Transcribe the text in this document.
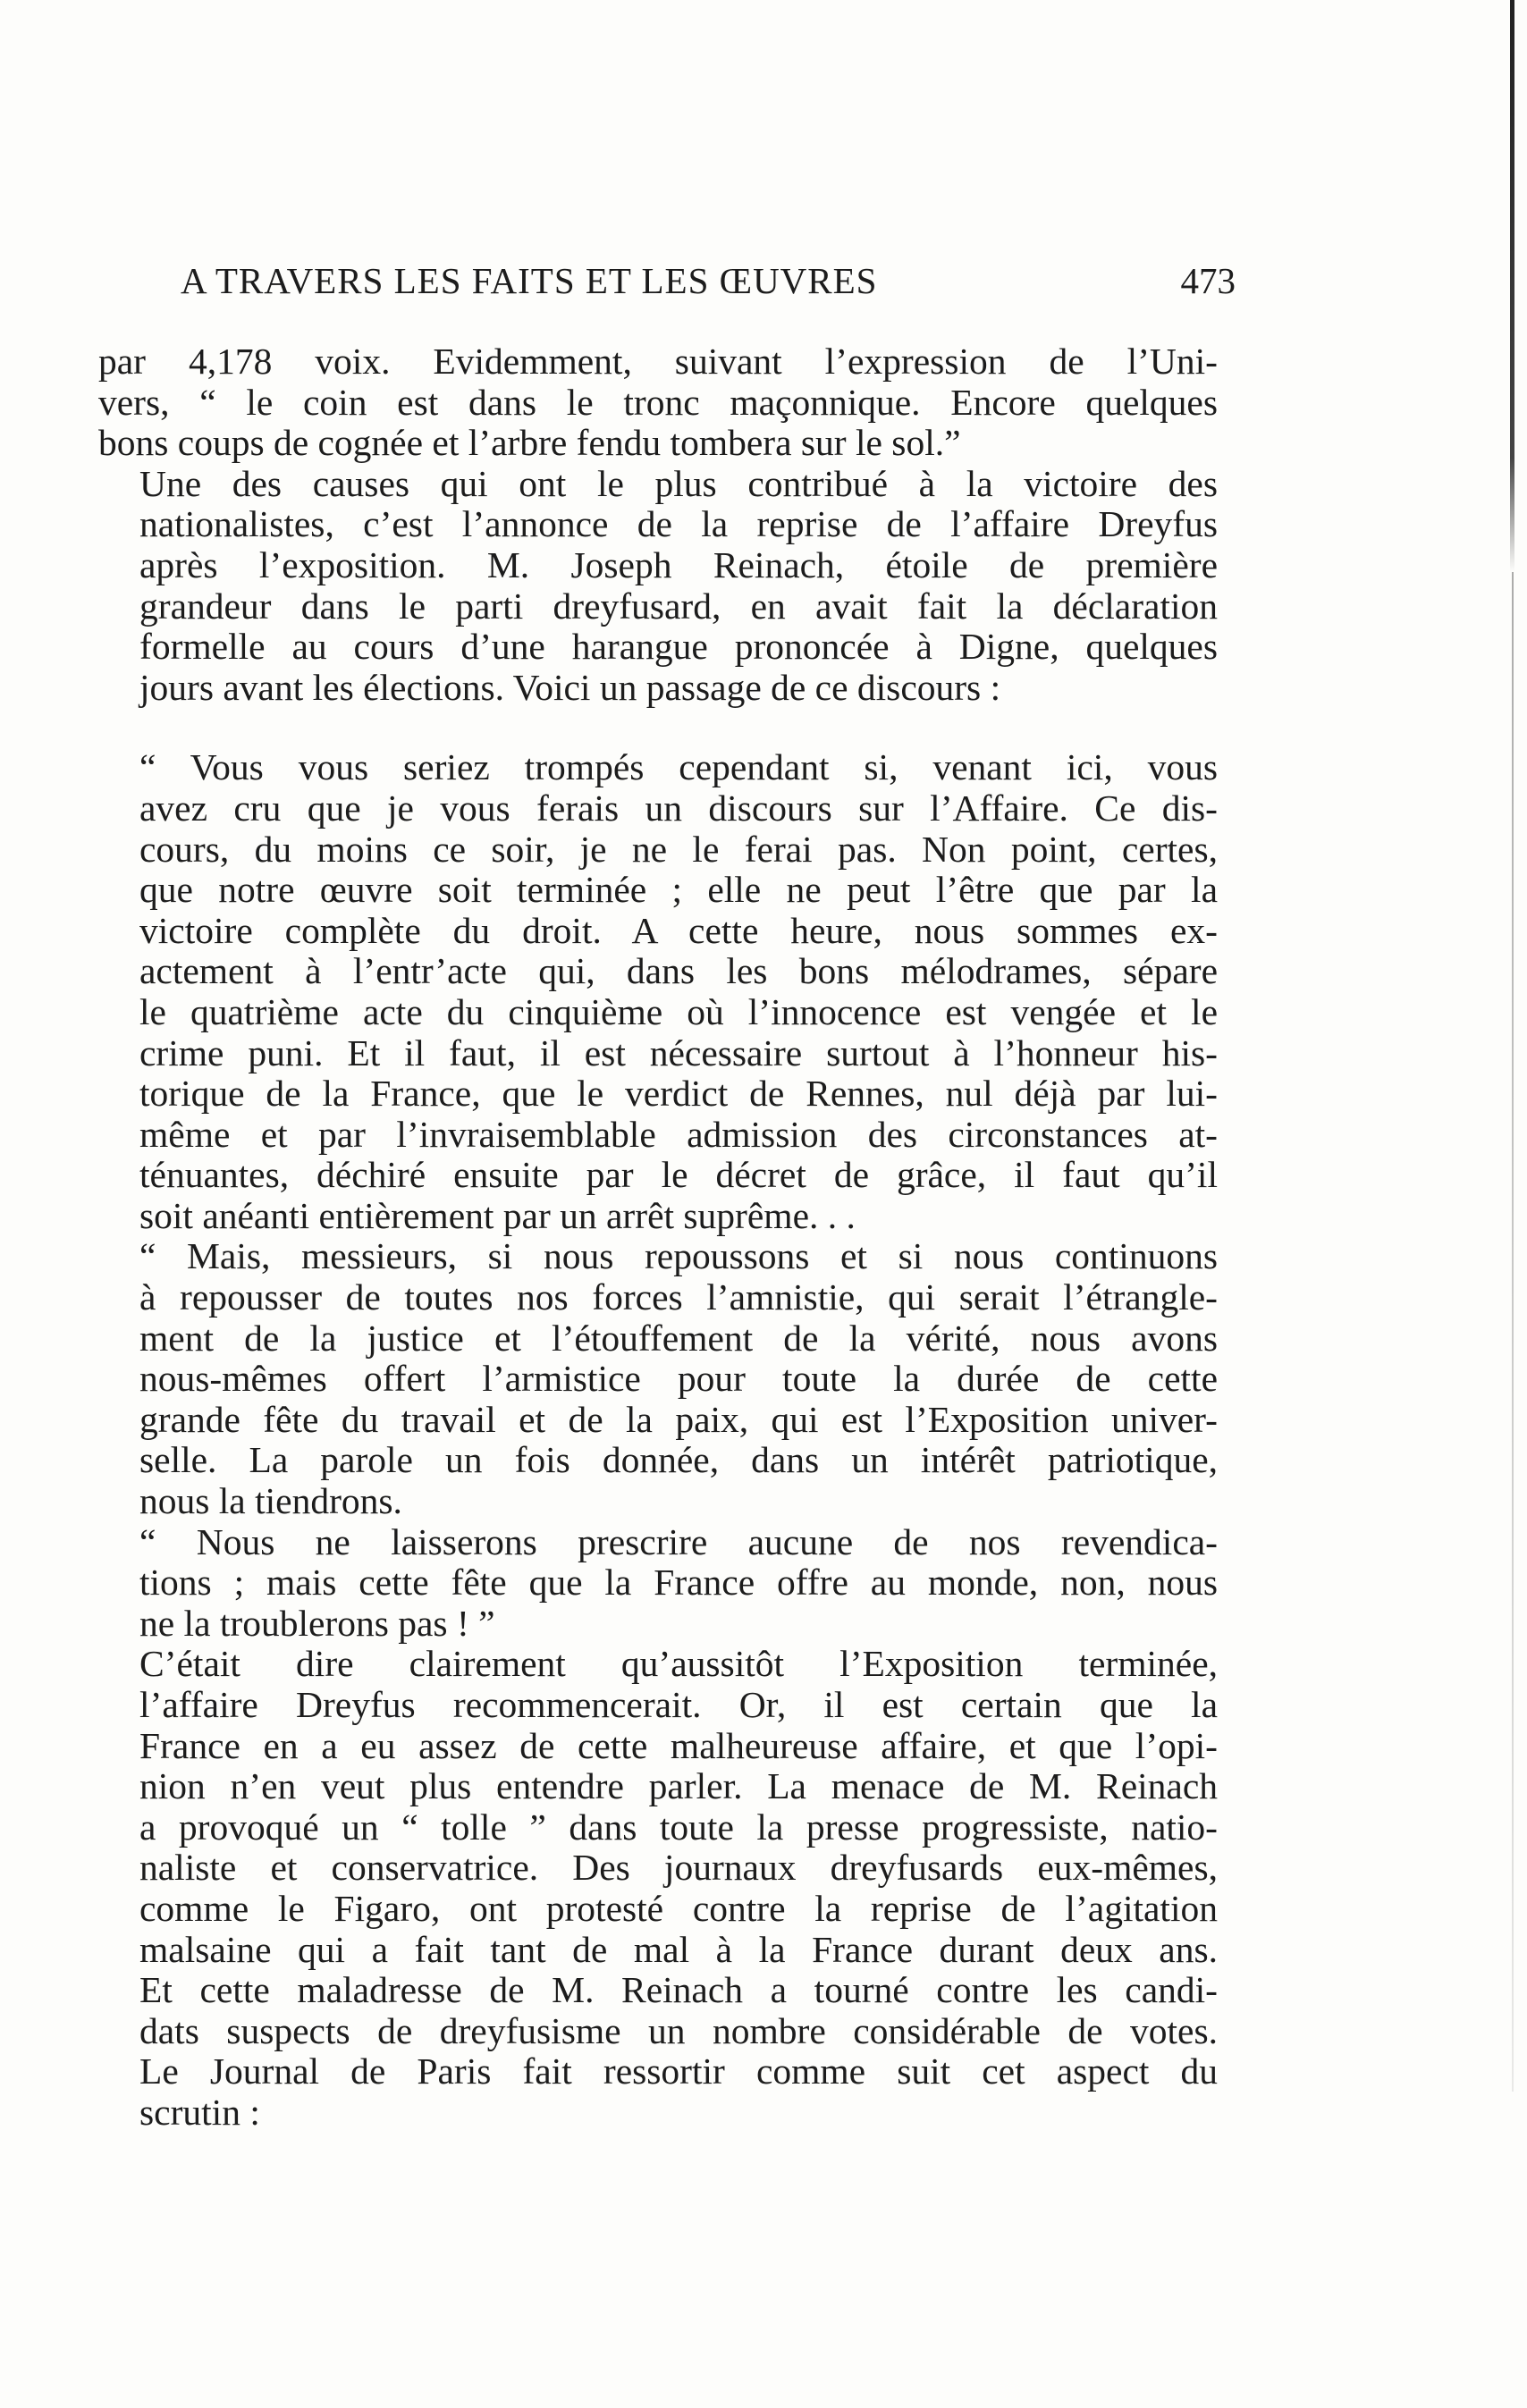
A TRAVERS LES FAITS ET LES ŒUVRES	473

par 4,178 voix. Evidemment, suivant l’expression de l’Uni-
vers, “ le coin est dans le tronc maçonnique. Encore quelques
bons coups de cognée et l’arbre fendu tombera sur le sol.”

Une des causes qui ont le plus contribué à la victoire des
nationalistes, c’est l’annonce de la reprise de l’affaire Dreyfus
après l’exposition. M. Joseph Reinach, étoile de première
grandeur dans le parti dreyfusard, en avait fait la déclaration
formelle au cours d’une harangue prononcée à Digne, quelques
jours avant les élections. Voici un passage de ce discours :

“ Vous vous seriez trompés cependant si, venant ici, vous
avez cru que je vous ferais un discours sur l’Affaire. Ce dis-
cours, du moins ce soir, je ne le ferai pas. Non point, certes,
que notre œuvre soit terminée ; elle ne peut l’être que par la
victoire complète du droit. A cette heure, nous sommes ex-
actement à l’entr’acte qui, dans les bons mélodrames, sépare
le quatrième acte du cinquième où l’innocence est vengée et le
crime puni. Et il faut, il est nécessaire surtout à l’honneur his-
torique de la France, que le verdict de Rennes, nul déjà par lui-
même et par l’invraisemblable admission des circonstances at-
ténuantes, déchiré ensuite par le décret de grâce, il faut qu’il
soit anéanti entièrement par un arrêt suprême. . .

“ Mais, messieurs, si nous repoussons et si nous continuons
à repousser de toutes nos forces l’amnistie, qui serait l’étrangle-
ment de la justice et l’étouffement de la vérité, nous avons
nous-mêmes offert l’armistice pour toute la durée de cette
grande fête du travail et de la paix, qui est l’Exposition univer-
selle. La parole un fois donnée, dans un intérêt patriotique,
nous la tiendrons.

“ Nous ne laisserons prescrire aucune de nos revendica-
tions ; mais cette fête que la France offre au monde, non, nous
ne la troublerons pas ! ”

C’était dire clairement qu’aussitôt l’Exposition terminée,
l’affaire Dreyfus recommencerait. Or, il est certain que la
France en a eu assez de cette malheureuse affaire, et que l’opi-
nion n’en veut plus entendre parler. La menace de M. Reinach
a provoqué un “ tolle ” dans toute la presse progressiste, natio-
naliste et conservatrice. Des journaux dreyfusards eux-mêmes,
comme le Figaro, ont protesté contre la reprise de l’agitation
malsaine qui a fait tant de mal à la France durant deux ans.
Et cette maladresse de M. Reinach a tourné contre les candi-
dats suspects de dreyfusisme un nombre considérable de votes.
Le Journal de Paris fait ressortir comme suit cet aspect du
scrutin :
